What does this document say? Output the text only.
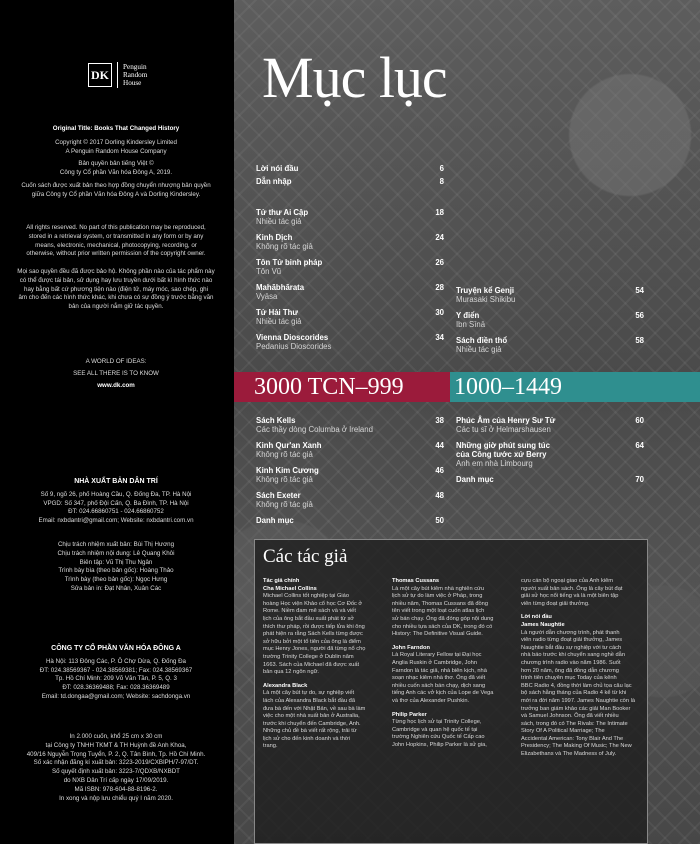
DK
Penguin
Random
House
Original Title: Books That Changed History
Copyright © 2017 Dorling Kindersley Limited
A Penguin Random House Company
Bản quyền bản tiếng Việt ©
Công ty Cổ phần Văn hóa Đông A, 2019.
Cuốn sách được xuất bản theo hợp đồng chuyển nhượng bản quyền
giữa Công ty Cổ phần Văn hóa Đông A và Dorling Kindersley.
All rights reserved. No part of this publication may be reproduced,
stored in a retrieval system, or transmitted in any form or by any
means, electronic, mechanical, photocopying, recording, or
otherwise, without prior written permission of the copyright owner.
Mọi sao quyền đều đã được bảo hộ. Không phần nào của tác phẩm này
có thể được tái bản, sử dụng hay lưu truyền dưới bất kì hình thức nào
hay bằng bất cứ phương tiện nào (điện tử, máy móc, sao chép, ghi
âm cho đến các hình thức khác, khi chưa có sự đồng ý trước bằng văn
bản của người nắm giữ tác quyền.
A WORLD OF IDEAS:
SEE ALL THERE IS TO KNOW
www.dk.com
NHÀ XUẤT BẢN DÂN TRÍ
Số 9, ngõ 26, phố Hoàng Cầu, Q. Đống Đa, TP. Hà Nội
VPGD: Số 347, phố Đội Cấn, Q. Ba Đình, TP. Hà Nội
ĐT: 024.66860751 - 024.66860752
Email: nxbdantri@gmail.com; Website: nxbdantri.com.vn
Chịu trách nhiệm xuất bản: Bùi Thị Hương
Chịu trách nhiệm nội dung: Lê Quang Khôi
Biên tập: Vũ Thị Thu Ngân
Trình bày bìa (theo bản gốc): Hoàng Thảo
Trình bày (theo bản gốc): Ngọc Hưng
Sửa bản in: Đạt Nhân, Xuân Các
CÔNG TY CỔ PHẦN VĂN HÓA ĐÔNG A
Hà Nội: 113 Đông Các, P. Ô Chợ Dừa, Q. Đống Đa
ĐT: 024.38569367 - 024.38569381; Fax: 024.38569367
Tp. Hồ Chí Minh: 209 Võ Văn Tần, P. 5, Q. 3
ĐT: 028.36369488; Fax: 028.36369489
Email: td.dongaa@gmail.com; Website: sachdonga.vn
In 2.000 cuốn, khổ 25 cm x 30 cm
tại Công ty TNHH TKMT & TH Huỳnh đề Anh Khoa,
409/16 Nguyễn Trọng Tuyển, P. 2, Q. Tân Bình, Tp. Hồ Chí Minh.
Số xác nhận đăng kí xuất bản: 3223-2019/CXBIPH/7-97/DT.
Số quyết định xuất bản: 3223-7/QDXB/NXBDT
do NXB Dân Trí cấp ngày 17/09/2019.
Mã ISBN: 978-604-88-8196-2.
In xong và nộp lưu chiểu quý I năm 2020.
Mục lục
Lời nói đầu	6
Dẫn nhập	8
Tử thư Ai Cập	18
Nhiều tác giả
Kinh Dịch	24
Không rõ tác giả
Tôn Tử binh pháp	26
Tôn Vũ
Mahābhārata	28
Vyāsa
Tử Hải Thư	30
Nhiều tác giả
Vienna Dioscorides	34
Pedanius Dioscorides
Truyện kể Genji	54
Murasaki Shikibu
Y điển	56
Ibn Sīnā
Sách điền thổ	58
Nhiều tác giả
3000 TCN–999	1000–1449
Sách Kells	38
Các thầy dòng Columba ở Ireland
Kinh Qur'an Xanh	44
Không rõ tác giả
Kinh Kim Cương	46
Không rõ tác giả
Sách Exeter	48
Không rõ tác giả
Danh mục	50
Phúc Âm của Henry Sư Tử	60
Các tu sĩ ở Helmarshausen
Những giờ phút sung túc	64
của Công tước xứ Berry
Anh em nhà Limbourg
Danh mục	70
Các tác giả
Tác giả chính
Cha Michael Collins
Michael Collins tốt nghiệp tại Giáo
hoàng Học viện Khảo cổ học Cơ Đốc ở
Rome. Niềm đam mê sách và và viết
lịch của ông bắt đầu xuất phát từ sở
thích thư pháp, rồi được tiếp lửa khi ông
phát hiện ra rằng Sách Kells từng được
sở hữu bởi một tổ tiên của ông là điểm
mục Henry Jones, người đã từng nổ chọ
trường Trinity College ở Dublin năm
1663. Sách của Michael đã được xuất
bản qua 12 ngôn ngữ.
Alexandra Black
Là một cây bút tự do, sự nghiệp viết
lách của Alexandra Black bắt đầu đã
đưa bà đến với Nhật Bản, về sau bà làm
việc cho một nhà xuất bản ở Australia,
trước khi chuyển đến Cambridge, Anh.
Những chủ đề bà viết rất rộng, trải từ
lịch sử cho đến kinh doanh và thời
trang.
Thomas Cussans
Là một cây bút kiêm nhà nghiên cứu
lịch sử tự do làm việc ở Pháp, trong
nhiều năm, Thomas Cussans đã đồng
tên viết trong một loạt cuốn atlas lịch
sử bán chạy. Ông đã đóng góp nội dung
cho nhiều tựa sách của DK, trong đó có
History: The Definitive Visual Guide.
John Farndon
Là Royal Literary Fellow tại Đại học
Anglia Ruskin ở Cambridge, John
Farndon là tác giả, nhà biên kịch, nhà
soạn nhạc kiêm nhà thơ. Ông đã viết
nhiều cuốn sách bán chạy, dịch sang
tiếng Anh các vở kịch của Lope de Vega
và thơ của Alexander Pushkin.
Philip Parker
Từng học lịch sử tại Trinity College,
Cambridge và quan hệ quốc tế tại
trường Nghiên cứu Quốc tế Cấp cao
John Hopkins, Philip Parker là sử gia,
cựu cán bộ ngoại giao của Anh kiêm
người xuất bản sách. Ông là cây bút đạt
giải sử học nổi tiếng và là một biên tập
viên từng đoạt giải thưởng.
Lời nói đầu
James Naughtie
Là người dẫn chương trình, phát thanh
viên radio từng đoạt giải thưởng, James
Naughtie bắt đầu sự nghiệp với tư cách
nhà báo trước khi chuyển sang nghề dẫn
chương trình radio vào năm 1986. Suốt
hơn 20 năm, ông đã đồng dẫn chương
trình tiên chuyên mục Today của kênh
BBC Radio 4, đồng thời làm chủ tọa câu lạc
bộ sách hằng tháng của Radio 4 kể từ khi
mới ra đời năm 1997. James Naughtie còn là
trưởng ban giám khảo các giải Man Booker
và Samuel Johnson. Ông đã viết nhiều
sách, trong đó có The Rivals: The Intimate
Story Of A Political Marriage; The
Accidental American: Tony Blair And The
Presidency; The Making Of Music; The New
Elizabethans và The Madness of July.
